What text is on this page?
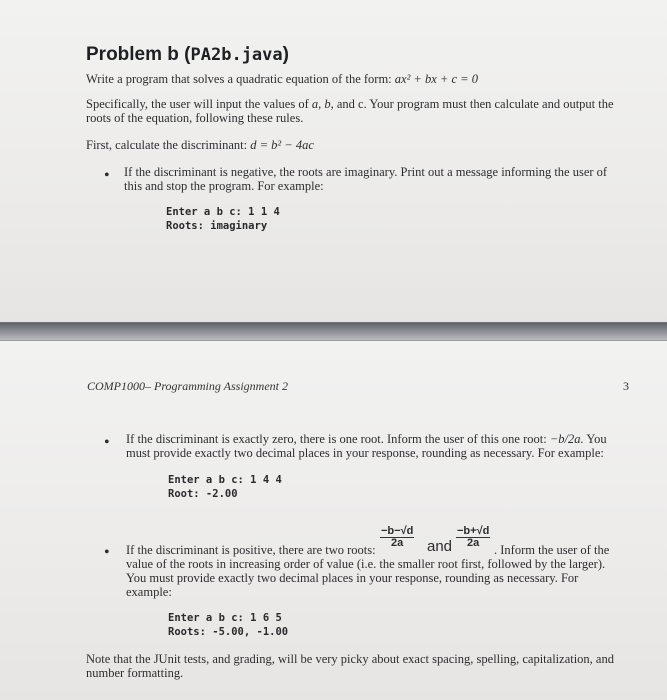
Problem b (PA2b.java)
Write a program that solves a quadratic equation of the form: ax² + bx + c = 0
Specifically, the user will input the values of a, b, and c. Your program must then calculate and output the
roots of the equation, following these rules.
First, calculate the discriminant: d = b² − 4ac
• If the discriminant is negative, the roots are imaginary. Print out a message informing the user of
this and stop the program. For example:
Enter a b c: 1 1 4
Roots: imaginary
COMP1000– Programming Assignment 2	3
• If the discriminant is exactly zero, there is one root. Inform the user of this one root: −b/2a. You
must provide exactly two decimal places in your response, rounding as necessary. For example:
Enter a b c: 1 4 4
Root: -2.00
• If the discriminant is positive, there are two roots:
$\frac{-b-√d}{2a}$ and $\frac{-b+√d}{2a}$
. Inform the user of the
value of the roots in increasing order of value (i.e. the smaller root first, followed by the larger).
You must provide exactly two decimal places in your response, rounding as necessary. For
example:
Enter a b c: 1 6 5
Roots: -5.00, -1.00
Note that the JUnit tests, and grading, will be very picky about exact spacing, spelling, capitalization, and
number formatting.
